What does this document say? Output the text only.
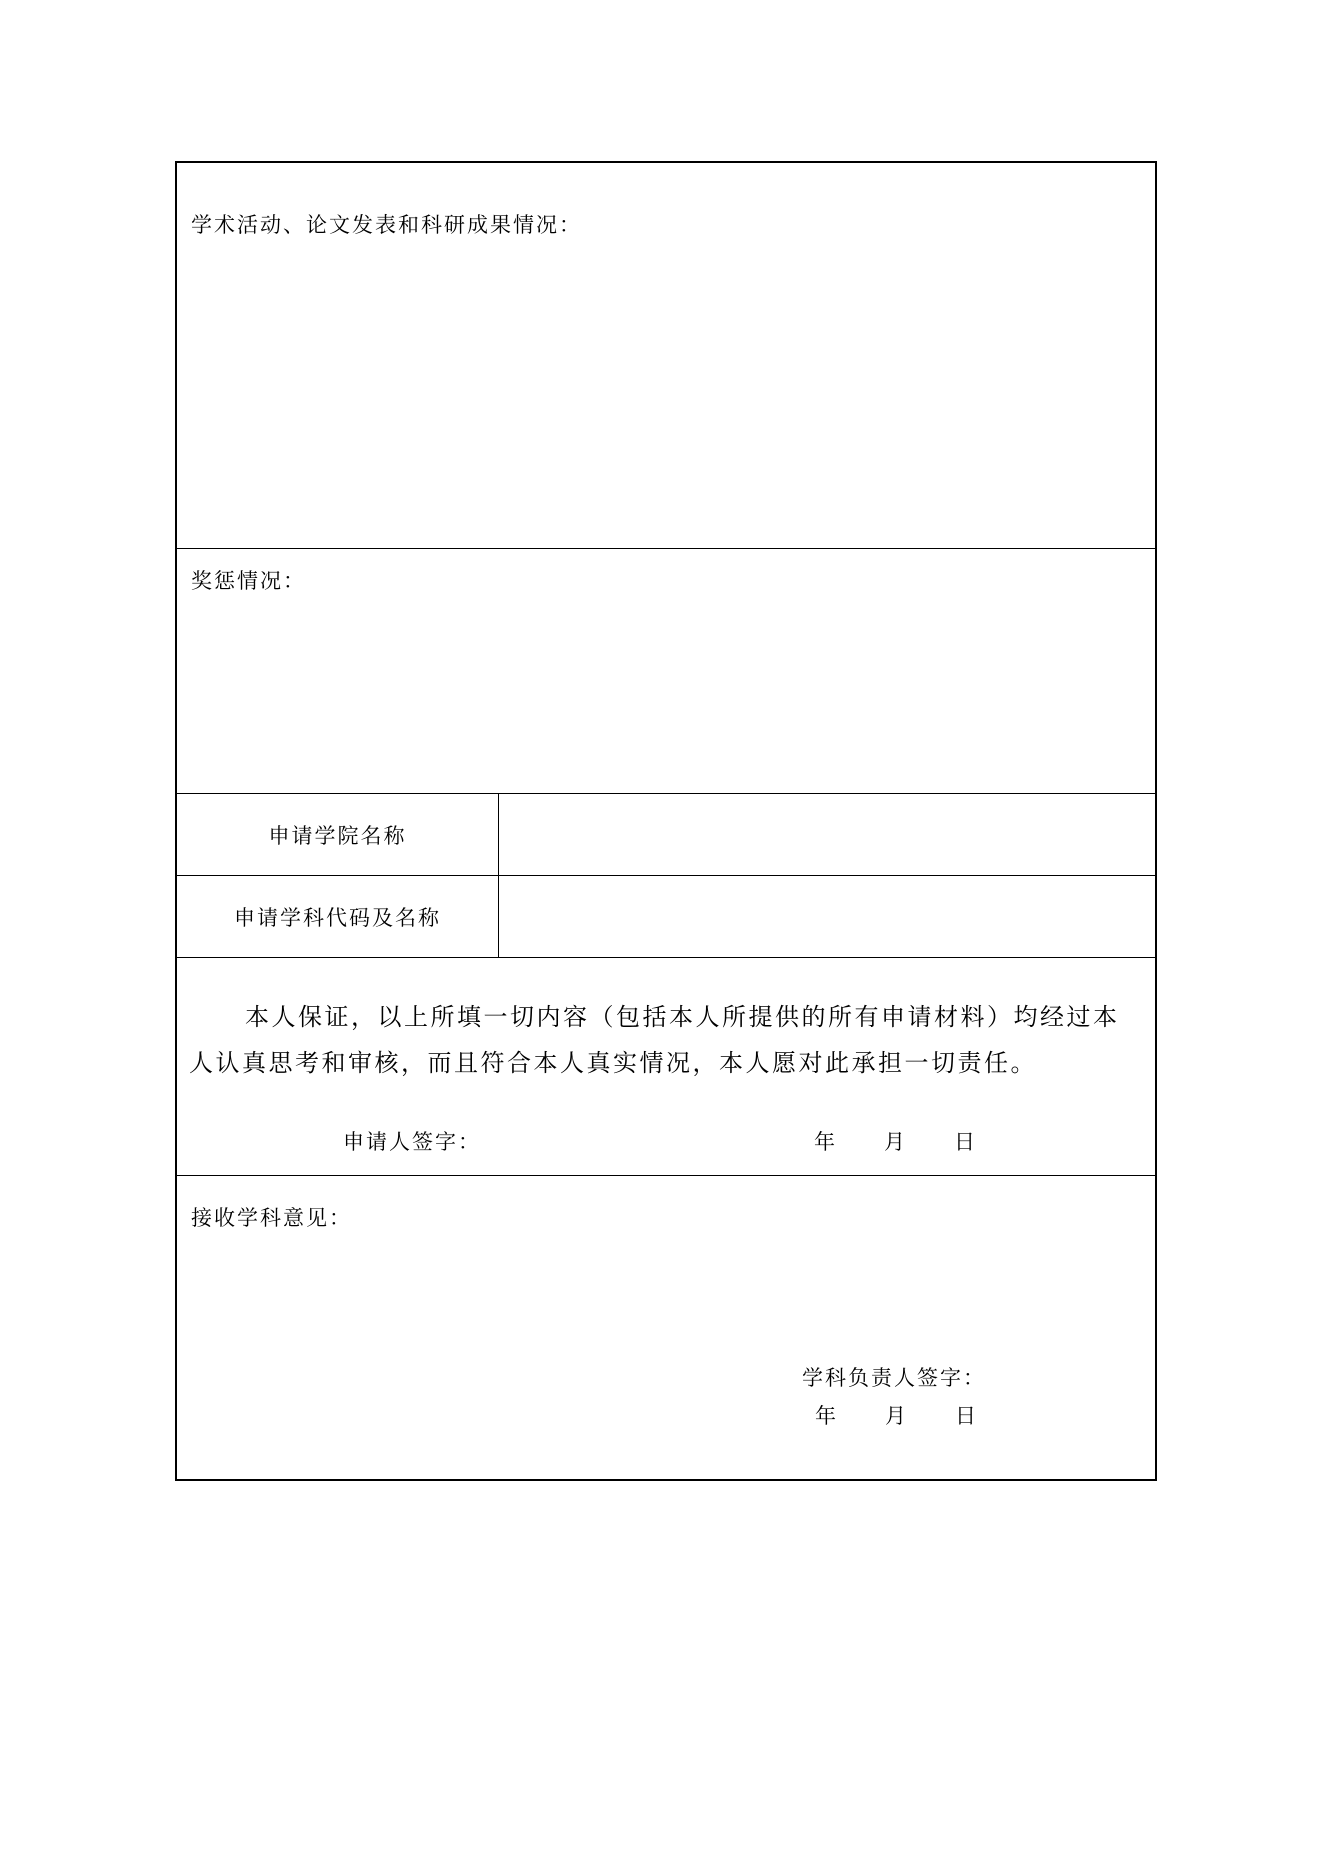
学术活动、论文发表和科研成果情况：
奖惩情况：
申请学院名称
申请学科代码及名称
本人保证，以上所填一切内容（包括本人所提供的所有申请材料）均经过本人认真思考和审核，而且符合本人真实情况，本人愿对此承担一切责任。
申请人签字：	年 月 日
接收学科意见：
学科负责人签字：
年 月 日
